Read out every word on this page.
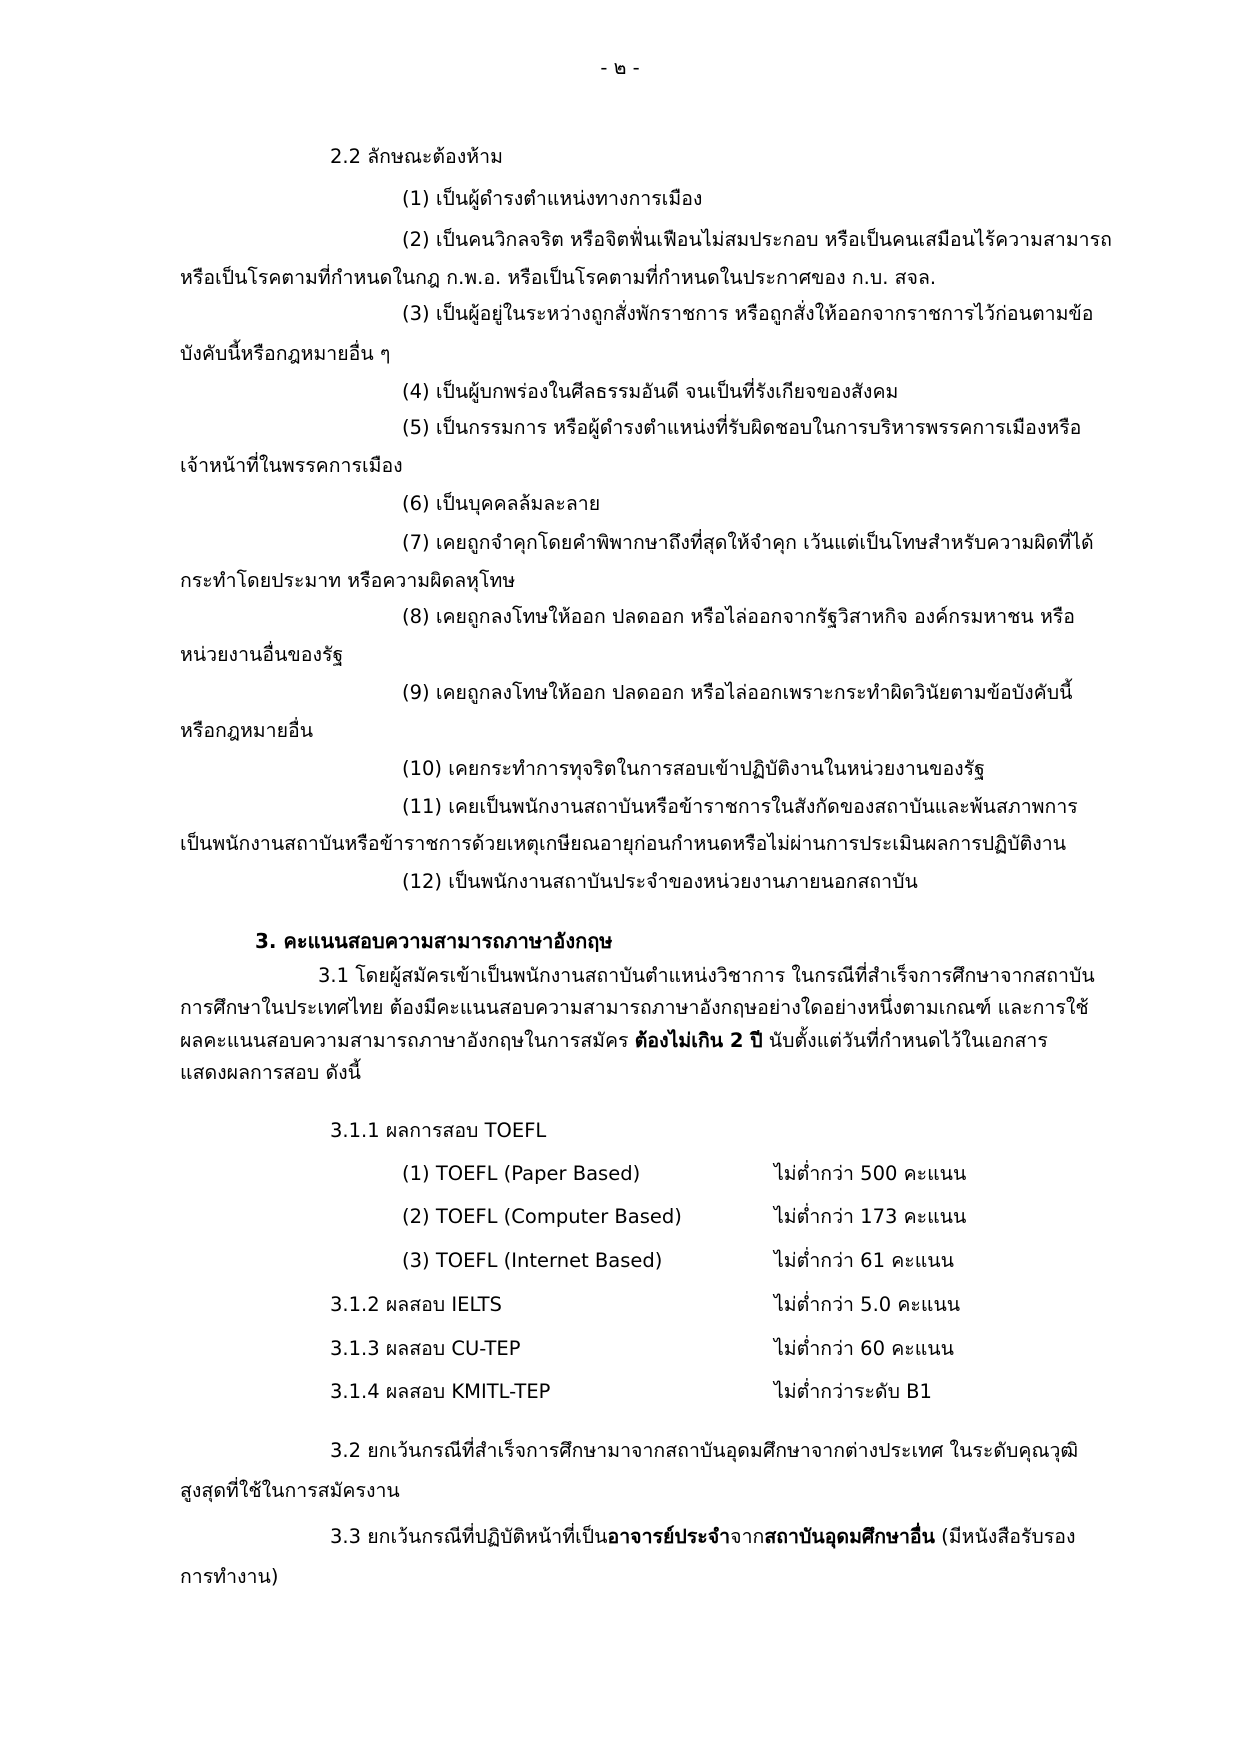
- ๒ -
2.2 ลักษณะต้องห้าม
(1) เป็นผู้ดำรงตำแหน่งทางการเมือง
(2) เป็นคนวิกลจริต หรือจิตฟั่นเฟือนไม่สมประกอบ หรือเป็นคนเสมือนไร้ความสามารถ
หรือเป็นโรคตามที่กำหนดในกฎ ก.พ.อ. หรือเป็นโรคตามที่กำหนดในประกาศของ ก.บ. สจล.
(3) เป็นผู้อยู่ในระหว่างถูกสั่งพักราชการ หรือถูกสั่งให้ออกจากราชการไว้ก่อนตามข้อ
บังคับนี้หรือกฎหมายอื่น ๆ
(4) เป็นผู้บกพร่องในศีลธรรมอันดี จนเป็นที่รังเกียจของสังคม
(5) เป็นกรรมการ หรือผู้ดำรงตำแหน่งที่รับผิดชอบในการบริหารพรรคการเมืองหรือ
เจ้าหน้าที่ในพรรคการเมือง
(6) เป็นบุคคลล้มละลาย
(7) เคยถูกจำคุกโดยคำพิพากษาถึงที่สุดให้จำคุก เว้นแต่เป็นโทษสำหรับความผิดที่ได้
กระทำโดยประมาท หรือความผิดลหุโทษ
(8) เคยถูกลงโทษให้ออก ปลดออก หรือไล่ออกจากรัฐวิสาหกิจ องค์กรมหาชน หรือ
หน่วยงานอื่นของรัฐ
(9) เคยถูกลงโทษให้ออก ปลดออก หรือไล่ออกเพราะกระทำผิดวินัยตามข้อบังคับนี้
หรือกฎหมายอื่น
(10) เคยกระทำการทุจริตในการสอบเข้าปฏิบัติงานในหน่วยงานของรัฐ
(11) เคยเป็นพนักงานสถาบันหรือข้าราชการในสังกัดของสถาบันและพ้นสภาพการ
เป็นพนักงานสถาบันหรือข้าราชการด้วยเหตุเกษียณอายุก่อนกำหนดหรือไม่ผ่านการประเมินผลการปฏิบัติงาน
(12) เป็นพนักงานสถาบันประจำของหน่วยงานภายนอกสถาบัน
3. คะแนนสอบความสามารถภาษาอังกฤษ
3.1 โดยผู้สมัครเข้าเป็นพนักงานสถาบันตำแหน่งวิชาการ ในกรณีที่สำเร็จการศึกษาจากสถาบัน
การศึกษาในประเทศไทย ต้องมีคะแนนสอบความสามารถภาษาอังกฤษอย่างใดอย่างหนึ่งตามเกณฑ์ และการใช้
ผลคะแนนสอบความสามารถภาษาอังกฤษในการสมัคร ต้องไม่เกิน 2 ปี นับตั้งแต่วันที่กำหนดไว้ในเอกสาร
แสดงผลการสอบ ดังนี้
3.1.1 ผลการสอบ TOEFL
(1) TOEFL (Paper Based)	ไม่ต่ำกว่า 500 คะแนน
(2) TOEFL (Computer Based)	ไม่ต่ำกว่า 173 คะแนน
(3) TOEFL (Internet Based)	ไม่ต่ำกว่า 61 คะแนน
3.1.2 ผลสอบ IELTS	ไม่ต่ำกว่า 5.0 คะแนน
3.1.3 ผลสอบ CU-TEP	ไม่ต่ำกว่า 60 คะแนน
3.1.4 ผลสอบ KMITL-TEP	ไม่ต่ำกว่าระดับ B1
3.2 ยกเว้นกรณีที่สำเร็จการศึกษามาจากสถาบันอุดมศึกษาจากต่างประเทศ ในระดับคุณวุฒิ
สูงสุดที่ใช้ในการสมัครงาน
3.3 ยกเว้นกรณีที่ปฏิบัติหน้าที่เป็นอาจารย์ประจำจากสถาบันอุดมศึกษาอื่น (มีหนังสือรับรอง
การทำงาน)
